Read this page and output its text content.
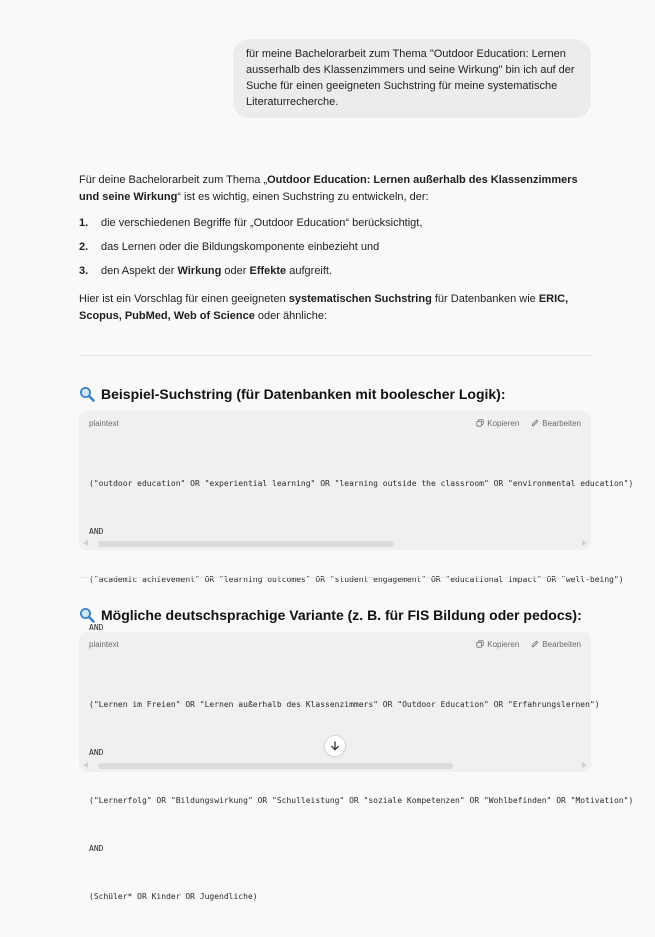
für meine Bachelorarbeit zum Thema "Outdoor Education: Lernen ausserhalb des Klassenzimmers und seine Wirkung" bin ich auf der Suche für einen geeigneten Suchstring für meine systematische Literaturrecherche.

Für deine Bachelorarbeit zum Thema „Outdoor Education: Lernen außerhalb des Klassenzimmers und seine Wirkung“ ist es wichtig, einen Suchstring zu entwickeln, der:

1.	die verschiedenen Begriffe für „Outdoor Education“ berücksichtigt,
2.	das Lernen oder die Bildungskomponente einbezieht und
3.	den Aspekt der Wirkung oder Effekte aufgreift.

Hier ist ein Vorschlag für einen geeigneten systematischen Suchstring für Datenbanken wie ERIC, Scopus, PubMed, Web of Science oder ähnliche:

Beispiel-Suchstring (für Datenbanken mit boolescher Logik):
plaintext	Kopieren	Bearbeiten

("outdoor education" OR "experiential learning" OR "learning outside the classroom" OR "environmental education")

AND

("academic achievement" OR "learning outcomes" OR "student engagement" OR "educational impact" OR "well-being")

AND

Mögliche deutschsprachige Variante (z. B. für FIS Bildung oder pedocs):
plaintext	Kopieren	Bearbeiten

("Lernen im Freien" OR "Lernen außerhalb des Klassenzimmers" OR "Outdoor Education" OR "Erfahrungslernen")

AND

("Lernerfolg" OR "Bildungswirkung" OR "Schulleistung" OR "soziale Kompetenzen" OR "Wohlbefinden" OR "Motivation")

AND

(Schüler* OR Kinder OR Jugendliche)
